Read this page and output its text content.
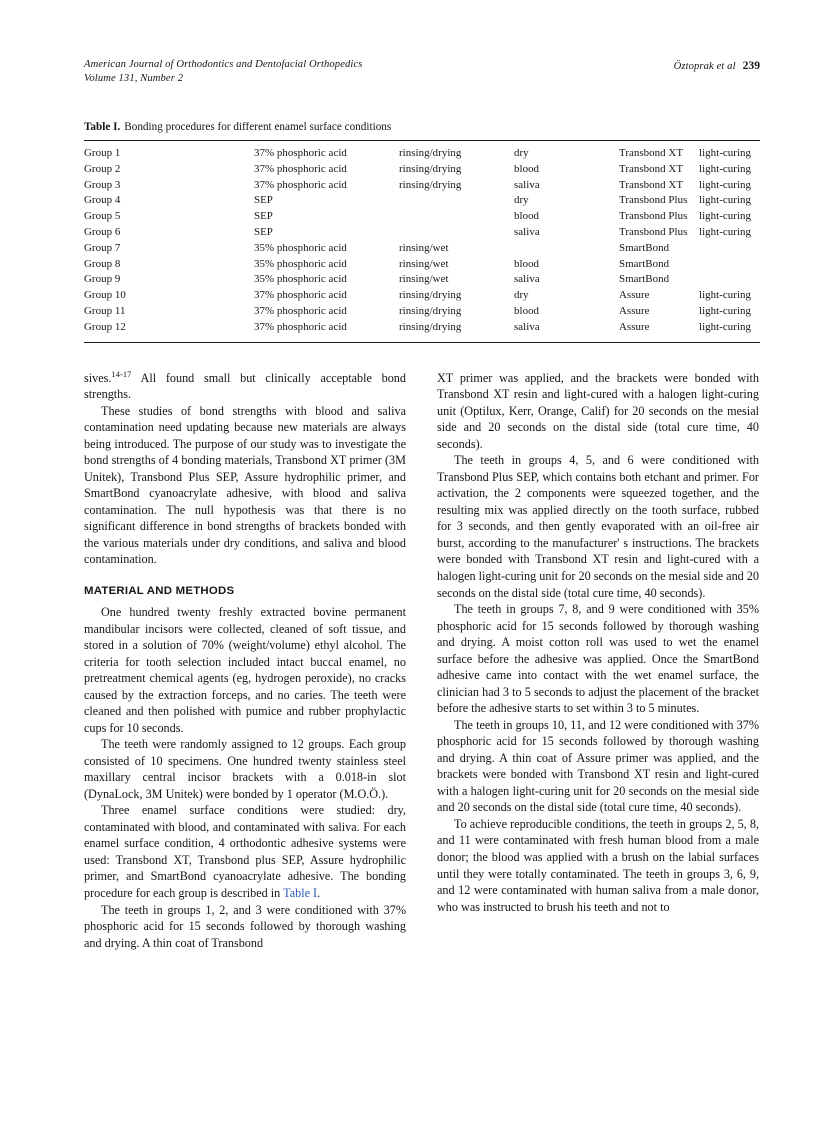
American Journal of Orthodontics and Dentofacial Orthopedics
Volume 131, Number 2
Öztoprak et al 239
Table I. Bonding procedures for different enamel surface conditions
Group 1	37% phosphoric acid	rinsing/drying	dry	Transbond XT	light-curing
Group 2	37% phosphoric acid	rinsing/drying	blood	Transbond XT	light-curing
Group 3	37% phosphoric acid	rinsing/drying	saliva	Transbond XT	light-curing
Group 4	SEP		dry	Transbond Plus	light-curing
Group 5	SEP		blood	Transbond Plus	light-curing
Group 6	SEP		saliva	Transbond Plus	light-curing
Group 7	35% phosphoric acid	rinsing/wet		SmartBond	
Group 8	35% phosphoric acid	rinsing/wet	blood	SmartBond	
Group 9	35% phosphoric acid	rinsing/wet	saliva	SmartBond	
Group 10	37% phosphoric acid	rinsing/drying	dry	Assure	light-curing
Group 11	37% phosphoric acid	rinsing/drying	blood	Assure	light-curing
Group 12	37% phosphoric acid	rinsing/drying	saliva	Assure	light-curing

sives.$^{14-17}$ All found small but clinically acceptable bond strengths.

These studies of bond strengths with blood and saliva contamination need updating because new materials are always being introduced. The purpose of our study was to investigate the bond strengths of 4 bonding materials, Transbond XT primer (3M Unitek), Transbond Plus SEP, Assure hydrophilic primer, and SmartBond cyanoacrylate adhesive, with blood and saliva contamination. The null hypothesis was that there is no significant difference in bond strengths of brackets bonded with the various materials under dry conditions, and saliva and blood contamination.

MATERIAL AND METHODS

One hundred twenty freshly extracted bovine permanent mandibular incisors were collected, cleaned of soft tissue, and stored in a solution of 70% (weight/volume) ethyl alcohol. The criteria for tooth selection included intact buccal enamel, no pretreatment chemical agents (eg, hydrogen peroxide), no cracks caused by the extraction forceps, and no caries. The teeth were cleaned and then polished with pumice and rubber prophylactic cups for 10 seconds.

The teeth were randomly assigned to 12 groups. Each group consisted of 10 specimens. One hundred twenty stainless steel maxillary central incisor brackets with a 0.018-in slot (DynaLock, 3M Unitek) were bonded by 1 operator (M.O.Ö.).

Three enamel surface conditions were studied: dry, contaminated with blood, and contaminated with saliva. For each enamel surface condition, 4 orthodontic adhesive systems were used: Transbond XT, Transbond plus SEP, Assure hydrophilic primer, and SmartBond cyanoacrylate adhesive. The bonding procedure for each group is described in Table I.

The teeth in groups 1, 2, and 3 were conditioned with 37% phosphoric acid for 15 seconds followed by thorough washing and drying. A thin coat of Transbond

XT primer was applied, and the brackets were bonded with Transbond XT resin and light-cured with a halogen light-curing unit (Optilux, Kerr, Orange, Calif) for 20 seconds on the mesial side and 20 seconds on the distal side (total cure time, 40 seconds).

The teeth in groups 4, 5, and 6 were conditioned with Transbond Plus SEP, which contains both etchant and primer. For activation, the 2 components were squeezed together, and the resulting mix was applied directly on the tooth surface, rubbed for 3 seconds, and then gently evaporated with an oil-free air burst, according to the manufacturer' s instructions. The brackets were bonded with Transbond XT resin and light-cured with a halogen light-curing unit for 20 seconds on the mesial side and 20 seconds on the distal side (total cure time, 40 seconds).

The teeth in groups 7, 8, and 9 were conditioned with 35% phosphoric acid for 15 seconds followed by thorough washing and drying. A moist cotton roll was used to wet the enamel surface before the adhesive was applied. Once the SmartBond adhesive came into contact with the wet enamel surface, the clinician had 3 to 5 seconds to adjust the placement of the bracket before the adhesive starts to set within 3 to 5 minutes.

The teeth in groups 10, 11, and 12 were conditioned with 37% phosphoric acid for 15 seconds followed by thorough washing and drying. A thin coat of Assure primer was applied, and the brackets were bonded with Transbond XT resin and light-cured with a halogen light-curing unit for 20 seconds on the mesial side and 20 seconds on the distal side (total cure time, 40 seconds).

To achieve reproducible conditions, the teeth in groups 2, 5, 8, and 11 were contaminated with fresh human blood from a male donor; the blood was applied with a brush on the labial surfaces until they were totally contaminated. The teeth in groups 3, 6, 9, and 12 were contaminated with human saliva from a male donor, who was instructed to brush his teeth and not to
